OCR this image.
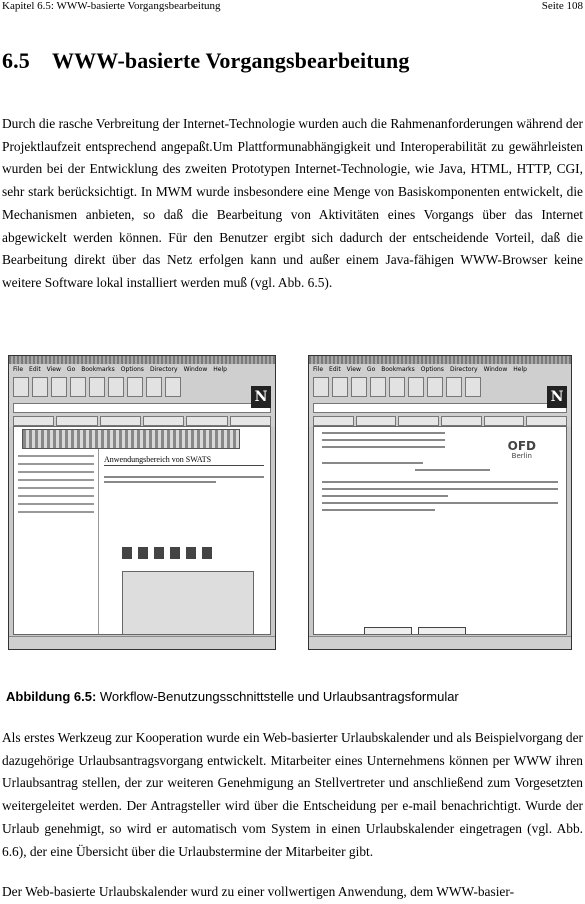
Kapitel 6.5: WWW-basierte Vorgangsbearbeitung	Seite 108
6.5 WWW-basierte Vorgangsbearbeitung

Durch die rasche Verbreitung der Internet-Technologie wurden auch die Rahmenanforderungen während der Projektlaufzeit entsprechend angepaßt.Um Plattformunabhängigkeit und Interoperabilität zu gewährleisten wurden bei der Entwicklung des zweiten Prototypen Internet-Technologie, wie Java, HTML, HTTP, CGI, sehr stark berücksichtigt. In MWM wurde insbesondere eine Menge von Basiskomponenten entwickelt, die Mechanismen anbieten, so daß die Bearbeitung von Aktivitäten eines Vorgangs über das Internet abgewickelt werden können. Für den Benutzer ergibt sich dadurch der entscheidende Vorteil, daß die Bearbeitung direkt über das Netz erfolgen kann und außer einem Java-fähigen WWW-Browser keine weitere Software lokal installiert werden muß (vgl. Abb. 6.5).

File Edit View Go Bookmarks Options Directory Window Help
N
Anwendungsbereich von SWATS
File Edit View Go Bookmarks Options Directory Window Help
N
OFD
Berlin
Abbildung 6.5: Workflow-Benutzungsschnittstelle und Urlaubsantragsformular

Als erstes Werkzeug zur Kooperation wurde ein Web-basierter Urlaubskalender und als Beispielvorgang der dazugehörige Urlaubsantragsvorgang entwickelt. Mitarbeiter eines Unternehmens können per WWW ihren Urlaubsantrag stellen, der zur weiteren Genehmigung an Stellvertreter und anschließend zum Vorgesetzten weitergeleitet werden. Der Antragsteller wird über die Entscheidung per e-mail benachrichtigt. Wurde der Urlaub genehmigt, so wird er automatisch vom System in einen Urlaubskalender eingetragen (vgl. Abb. 6.6), der eine Übersicht über die Urlaubstermine der Mitarbeiter gibt.

Der Web-basierte Urlaubskalender wurd zu einer vollwertigen Anwendung, dem WWW-basier-
